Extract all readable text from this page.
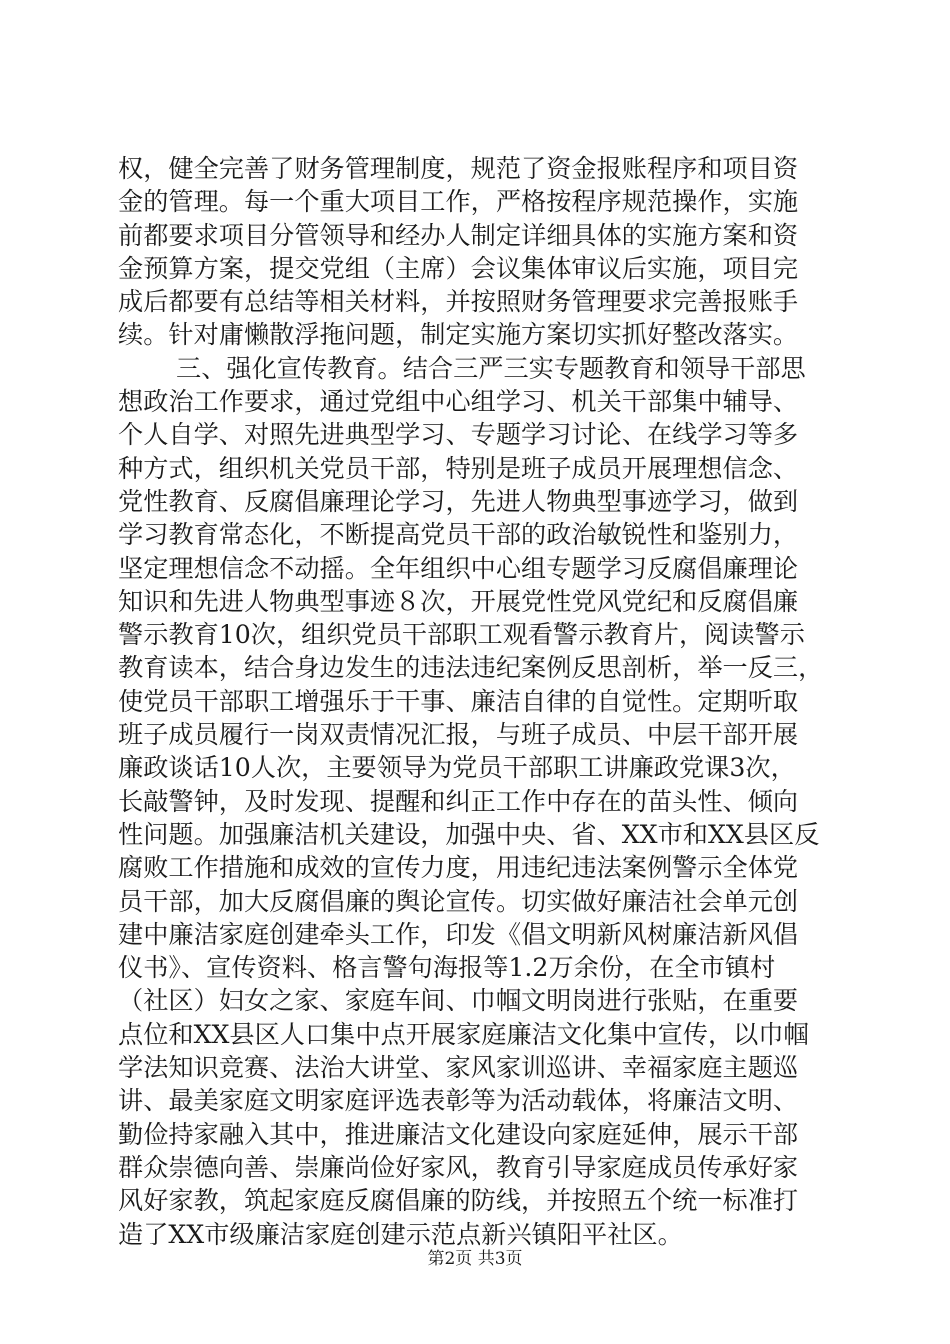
权，健全完善了财务管理制度，规范了资金报账程序和项目资
金的管理。每一个重大项目工作，严格按程序规范操作，实施
前都要求项目分管领导和经办人制定详细具体的实施方案和资
金预算方案，提交党组（主席）会议集体审议后实施，项目完
成后都要有总结等相关材料，并按照财务管理要求完善报账手
续。针对庸懒散浮拖问题，制定实施方案切实抓好整改落实。
三、强化宣传教育。结合三严三实专题教育和领导干部思
想政治工作要求，通过党组中心组学习、机关干部集中辅导、
个人自学、对照先进典型学习、专题学习讨论、在线学习等多
种方式，组织机关党员干部，特别是班子成员开展理想信念、
党性教育、反腐倡廉理论学习，先进人物典型事迹学习，做到
学习教育常态化，不断提高党员干部的政治敏锐性和鉴别力，
坚定理想信念不动摇。全年组织中心组专题学习反腐倡廉理论
知识和先进人物典型事迹８次，开展党性党风党纪和反腐倡廉
警示教育10次，组织党员干部职工观看警示教育片，阅读警示
教育读本，结合身边发生的违法违纪案例反思剖析，举一反三，
使党员干部职工增强乐于干事、廉洁自律的自觉性。定期听取
班子成员履行一岗双责情况汇报，与班子成员、中层干部开展
廉政谈话10人次，主要领导为党员干部职工讲廉政党课3次，
长敲警钟，及时发现、提醒和纠正工作中存在的苗头性、倾向
性问题。加强廉洁机关建设，加强中央、省、XX市和XX县区反
腐败工作措施和成效的宣传力度，用违纪违法案例警示全体党
员干部，加大反腐倡廉的舆论宣传。切实做好廉洁社会单元创
建中廉洁家庭创建牵头工作，印发《倡文明新风树廉洁新风倡
仪书》、宣传资料、格言警句海报等1.2万余份，在全市镇村
（社区）妇女之家、家庭车间、巾帼文明岗进行张贴，在重要
点位和XX县区人口集中点开展家庭廉洁文化集中宣传，以巾帼
学法知识竞赛、法治大讲堂、家风家训巡讲、幸福家庭主题巡
讲、最美家庭文明家庭评选表彰等为活动载体，将廉洁文明、
勤俭持家融入其中，推进廉洁文化建设向家庭延伸，展示干部
群众崇德向善、崇廉尚俭好家风，教育引导家庭成员传承好家
风好家教，筑起家庭反腐倡廉的防线，并按照五个统一标准打
造了XX市级廉洁家庭创建示范点新兴镇阳平社区。
第2页 共3页
